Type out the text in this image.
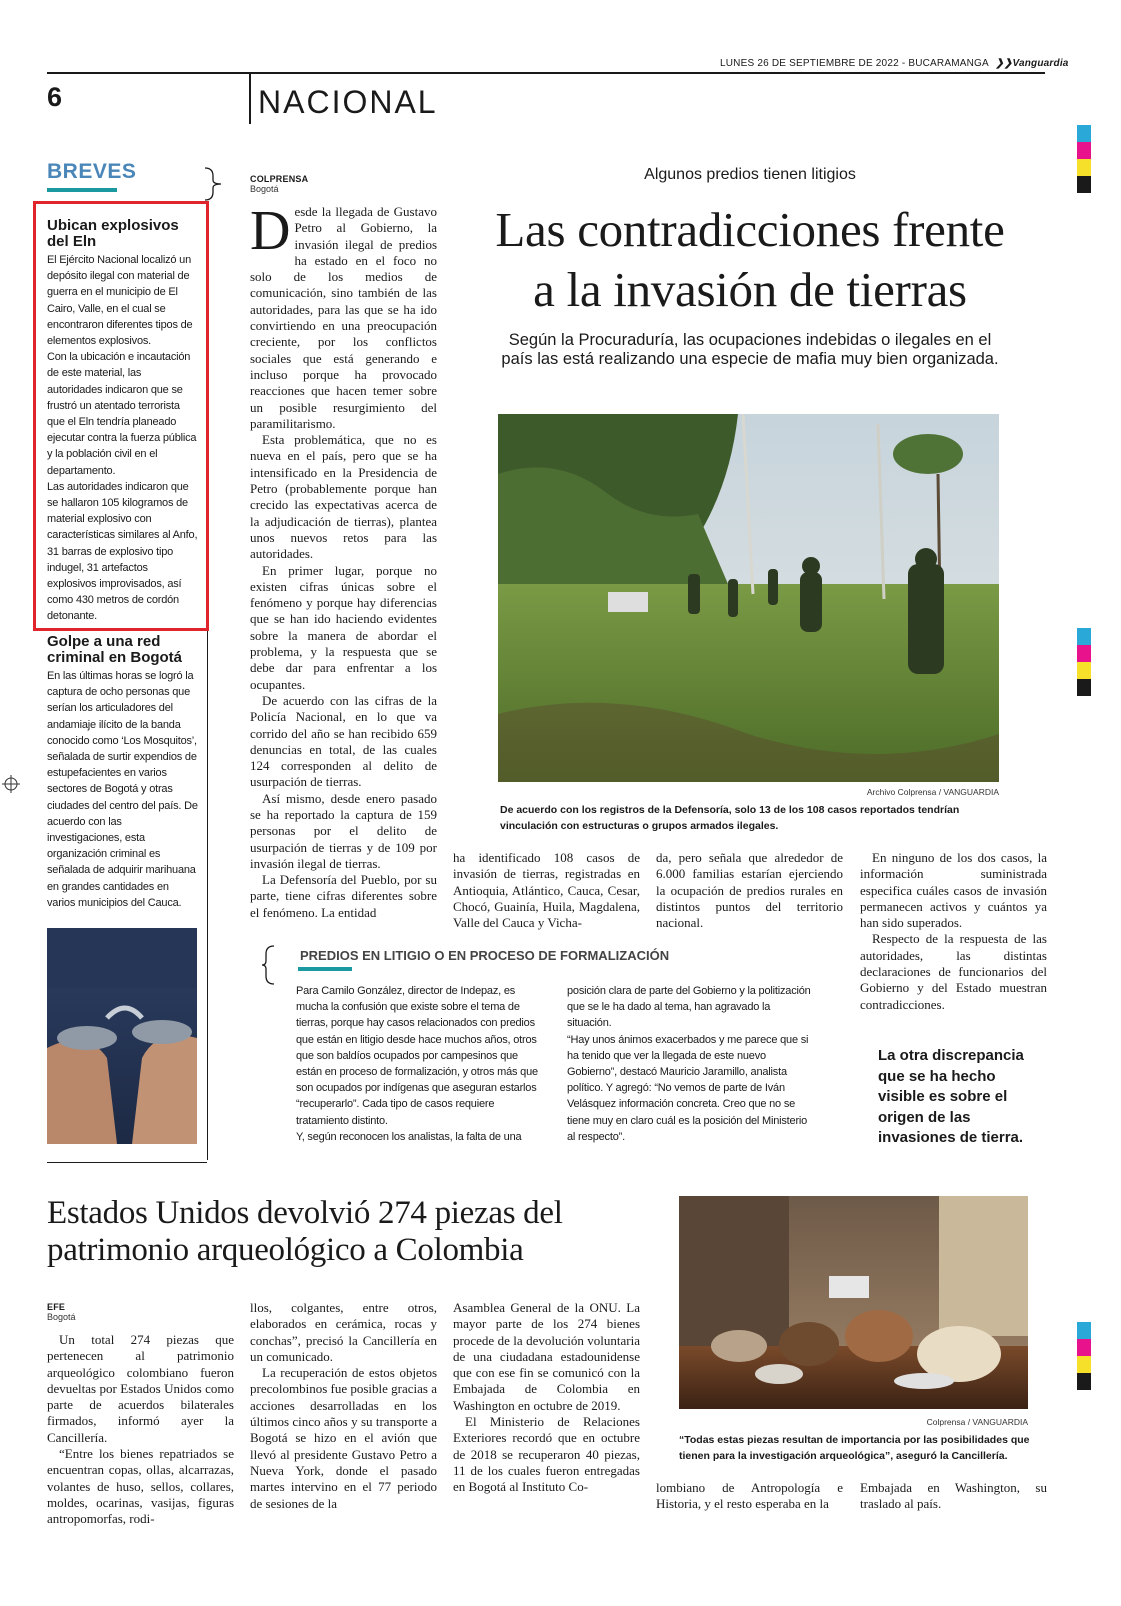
LUNES 26 DE SEPTIEMBRE DE 2022 - BUCARAMANGA ❯❯Vanguardia
6	NACIONAL
BREVES
Ubican explosivos del Eln
El Ejército Nacional localizó un depósito ilegal con material de guerra en el municipio de El Cairo, Valle, en el cual se encontraron diferentes tipos de elementos explosivos.
Con la ubicación e incautación de este material, las autoridades indicaron que se frustró un atentado terrorista que el Eln tendría planeado ejecutar contra la fuerza pública y la población civil en el departamento.
Las autoridades indicaron que se hallaron 105 kilogramos de material explosivo con características similares al Anfo, 31 barras de explosivo tipo indugel, 31 artefactos explosivos improvisados, así como 430 metros de cordón detonante.
Golpe a una red criminal en Bogotá
En las últimas horas se logró la captura de ocho personas que serían los articuladores del andamiaje ilícito de la banda conocido como ‘Los Mosquitos’, señalada de surtir expendios de estupefacientes en varios sectores de Bogotá y otras ciudades del centro del país. De acuerdo con las investigaciones, esta organización criminal es señalada de adquirir marihuana en grandes cantidades en varios municipios del Cauca.
COLPRENSA
Bogotá
Algunos predios tienen litigios
Las contradicciones frente
a la invasión de tierras
Según la Procuraduría, las ocupaciones indebidas o ilegales en el país las está realizando una especie de mafia muy bien organizada.
Archivo Colprensa / VANGUARDIA
De acuerdo con los registros de la Defensoría, solo 13 de los 108 casos reportados tendrían vinculación con estructuras o grupos armados ilegales.

Desde la llegada de Gustavo Petro al Gobierno, la invasión ilegal de predios ha estado en el foco no solo de los medios de comunicación, sino también de las autoridades, para las que se ha ido convirtiendo en una preocupación creciente, por los conflictos sociales que está generando e incluso porque ha provocado reacciones que hacen temer sobre un posible resurgimiento del paramilitarismo.

Esta problemática, que no es nueva en el país, pero que se ha intensificado en la Presidencia de Petro (probablemente porque han crecido las expectativas acerca de la adjudicación de tierras), plantea unos nuevos retos para las autoridades.

En primer lugar, porque no existen cifras únicas sobre el fenómeno y porque hay diferencias que se han ido haciendo evidentes sobre la manera de abordar el problema, y la respuesta que se debe dar para enfrentar a los ocupantes.

De acuerdo con las cifras de la Policía Nacional, en lo que va corrido del año se han recibido 659 denuncias en total, de las cuales 124 corresponden al delito de usurpación de tierras.

Así mismo, desde enero pasado se ha reportado la captura de 159 personas por el delito de usurpación de tierras y de 109 por invasión ilegal de tierras.

La Defensoría del Pueblo, por su parte, tiene cifras diferentes sobre el fenómeno. La entidad

ha identificado 108 casos de invasión de tierras, registradas en Antioquia, Atlántico, Cauca, Cesar, Chocó, Guainía, Huila, Magdalena, Valle del Cauca y Vicha-

da, pero señala que alrededor de 6.000 familias estarían ejerciendo la ocupación de predios rurales en distintos puntos del territorio nacional.

En ninguno de los dos casos, la información suministrada especifica cuáles casos de invasión permanecen activos y cuántos ya han sido superados.

Respecto de la respuesta de las autoridades, las distintas declaraciones de funcionarios del Gobierno y del Estado muestran contradicciones.

La otra discrepancia que se ha hecho visible es sobre el origen de las invasiones de tierra.
PREDIOS EN LITIGIO O EN PROCESO DE FORMALIZACIÓN
Para Camilo González, director de Indepaz, es mucha la confusión que existe sobre el tema de tierras, porque hay casos relacionados con predios que están en litigio desde hace muchos años, otros que son baldíos ocupados por campesinos que están en proceso de formalización, y otros más que son ocupados por indígenas que aseguran estarlos “recuperarlo”. Cada tipo de casos requiere tratamiento distinto.
Y, según reconocen los analistas, la falta de una
posición clara de parte del Gobierno y la politización que se le ha dado al tema, han agravado la situación.
“Hay unos ánimos exacerbados y me parece que si ha tenido que ver la llegada de este nuevo Gobierno”, destacó Mauricio Jaramillo, analista político. Y agregó: “No vemos de parte de Iván Velásquez información concreta. Creo que no se tiene muy en claro cuál es la posición del Ministerio al respecto”.
Estados Unidos devolvió 274 piezas del
patrimonio arqueológico a Colombia
EFE
Bogotá

Un total 274 piezas que pertenecen al patrimonio arqueológico colombiano fueron devueltas por Estados Unidos como parte de acuerdos bilaterales firmados, informó ayer la Cancillería.

“Entre los bienes repatriados se encuentran copas, ollas, alcarrazas, volantes de huso, sellos, collares, moldes, ocarinas, vasijas, figuras antropomorfas, rodi-

llos, colgantes, entre otros, elaborados en cerámica, rocas y conchas”, precisó la Cancillería en un comunicado.

La recuperación de estos objetos precolombinos fue posible gracias a acciones desarrolladas en los últimos cinco años y su transporte a Bogotá se hizo en el avión que llevó al presidente Gustavo Petro a Nueva York, donde el pasado martes intervino en el 77 periodo de sesiones de la

Asamblea General de la ONU. La mayor parte de los 274 bienes procede de la devolución voluntaria de una ciudadana estadounidense que con ese fin se comunicó con la Embajada de Colombia en Washington en octubre de 2019.

El Ministerio de Relaciones Exteriores recordó que en octubre de 2018 se recuperaron 40 piezas, 11 de los cuales fueron entregadas en Bogotá al Instituto Co-	lombiano de Antropología e Historia, y el resto esperaba en la

Embajada en Washington, su traslado al país.

Colprensa / VANGUARDIA
“Todas estas piezas resultan de importancia por las posibilidades que tienen para la investigación arqueológica”, aseguró la Cancillería.
